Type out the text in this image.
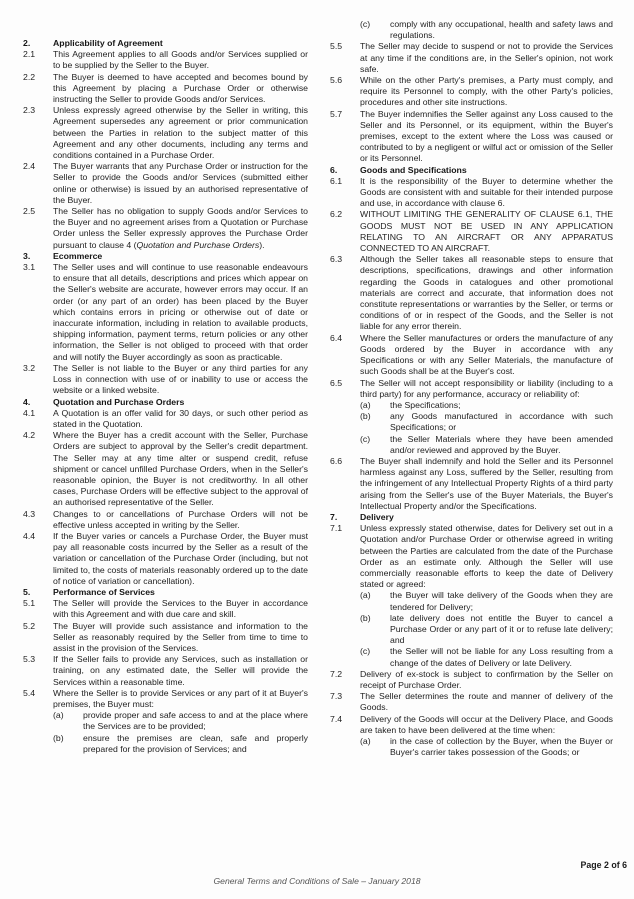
2.	Applicability of Agreement
2.1	This Agreement applies to all Goods and/or Services supplied or to be supplied by the Seller to the Buyer.
2.2	The Buyer is deemed to have accepted and becomes bound by this Agreement by placing a Purchase Order or otherwise instructing the Seller to provide Goods and/or Services.
2.3	Unless expressly agreed otherwise by the Seller in writing, this Agreement supersedes any agreement or prior communication between the Parties in relation to the subject matter of this Agreement and any other documents, including any terms and conditions contained in a Purchase Order.
2.4	The Buyer warrants that any Purchase Order or instruction for the Seller to provide the Goods and/or Services (submitted either online or otherwise) is issued by an authorised representative of the Buyer.
2.5	The Seller has no obligation to supply Goods and/or Services to the Buyer and no agreement arises from a Quotation or Purchase Order unless the Seller expressly approves the Purchase Order pursuant to clause 4 (Quotation and Purchase Orders).
3.	Ecommerce
3.1	The Seller uses and will continue to use reasonable endeavours to ensure that all details, descriptions and prices which appear on the Seller's website are accurate, however errors may occur. If an order (or any part of an order) has been placed by the Buyer which contains errors in pricing or otherwise out of date or inaccurate information, including in relation to available products, shipping information, payment terms, return policies or any other information, the Seller is not obliged to proceed with that order and will notify the Buyer accordingly as soon as practicable.
3.2	The Seller is not liable to the Buyer or any third parties for any Loss in connection with use of or inability to use or access the website or a linked website.
4.	Quotation and Purchase Orders
4.1	A Quotation is an offer valid for 30 days, or such other period as stated in the Quotation.
4.2	Where the Buyer has a credit account with the Seller, Purchase Orders are subject to approval by the Seller's credit department. The Seller may at any time alter or suspend credit, refuse shipment or cancel unfilled Purchase Orders, when in the Seller's reasonable opinion, the Buyer is not creditworthy. In all other cases, Purchase Orders will be effective subject to the approval of an authorised representative of the Seller.
4.3	Changes to or cancellations of Purchase Orders will not be effective unless accepted in writing by the Seller.
4.4	If the Buyer varies or cancels a Purchase Order, the Buyer must pay all reasonable costs incurred by the Seller as a result of the variation or cancellation of the Purchase Order (including, but not limited to, the costs of materials reasonably ordered up to the date of notice of variation or cancellation).
5.	Performance of Services
5.1	The Seller will provide the Services to the Buyer in accordance with this Agreement and with due care and skill.
5.2	The Buyer will provide such assistance and information to the Seller as reasonably required by the Seller from time to time to assist in the provision of the Services.
5.3	If the Seller fails to provide any Services, such as installation or training, on any estimated date, the Seller will provide the Services within a reasonable time.
5.4	Where the Seller is to provide Services or any part of it at Buyer's premises, the Buyer must:
(a)	provide proper and safe access to and at the place where the Services are to be provided;
(b)	ensure the premises are clean, safe and properly prepared for the provision of Services; and
(c)	comply with any occupational, health and safety laws and regulations.
5.5	The Seller may decide to suspend or not to provide the Services at any time if the conditions are, in the Seller's opinion, not work safe.
5.6	While on the other Party's premises, a Party must comply, and require its Personnel to comply, with the other Party's policies, procedures and other site instructions.
5.7	The Buyer indemnifies the Seller against any Loss caused to the Seller and its Personnel, or its equipment, within the Buyer's premises, except to the extent where the Loss was caused or contributed to by a negligent or wilful act or omission of the Seller or its Personnel.
6.	Goods and Specifications
6.1	It is the responsibility of the Buyer to determine whether the Goods are consistent with and suitable for their intended purpose and use, in accordance with clause 6.
6.2	WITHOUT LIMITING THE GENERALITY OF CLAUSE 6.1, THE GOODS MUST NOT BE USED IN ANY APPLICATION RELATING TO AN AIRCRAFT OR ANY APPARATUS CONNECTED TO AN AIRCRAFT.
6.3	Although the Seller takes all reasonable steps to ensure that descriptions, specifications, drawings and other information regarding the Goods in catalogues and other promotional materials are correct and accurate, that information does not constitute representations or warranties by the Seller, or terms or conditions of or in respect of the Goods, and the Seller is not liable for any error therein.
6.4	Where the Seller manufactures or orders the manufacture of any Goods ordered by the Buyer in accordance with any Specifications or with any Seller Materials, the manufacture of such Goods shall be at the Buyer's cost.
6.5	The Seller will not accept responsibility or liability (including to a third party) for any performance, accuracy or reliability of:
(a)	the Specifications;
(b)	any Goods manufactured in accordance with such Specifications; or
(c)	the Seller Materials where they have been amended and/or reviewed and approved by the Buyer.
6.6	The Buyer shall indemnify and hold the Seller and its Personnel harmless against any Loss, suffered by the Seller, resulting from the infringement of any Intellectual Property Rights of a third party arising from the Seller's use of the Buyer Materials, the Buyer's Intellectual Property and/or the Specifications.
7.	Delivery
7.1	Unless expressly stated otherwise, dates for Delivery set out in a Quotation and/or Purchase Order or otherwise agreed in writing between the Parties are calculated from the date of the Purchase Order as an estimate only. Although the Seller will use commercially reasonable efforts to keep the date of Delivery stated or agreed:
(a)	the Buyer will take delivery of the Goods when they are tendered for Delivery;
(b)	late delivery does not entitle the Buyer to cancel a Purchase Order or any part of it or to refuse late delivery; and
(c)	the Seller will not be liable for any Loss resulting from a change of the dates of Delivery or late Delivery.
7.2	Delivery of ex-stock is subject to confirmation by the Seller on receipt of Purchase Order.
7.3	The Seller determines the route and manner of delivery of the Goods.
7.4	Delivery of the Goods will occur at the Delivery Place, and Goods are taken to have been delivered at the time when:
(a)	in the case of collection by the Buyer, when the Buyer or Buyer's carrier takes possession of the Goods; or
Page 2 of 6
General Terms and Conditions of Sale – January 2018
